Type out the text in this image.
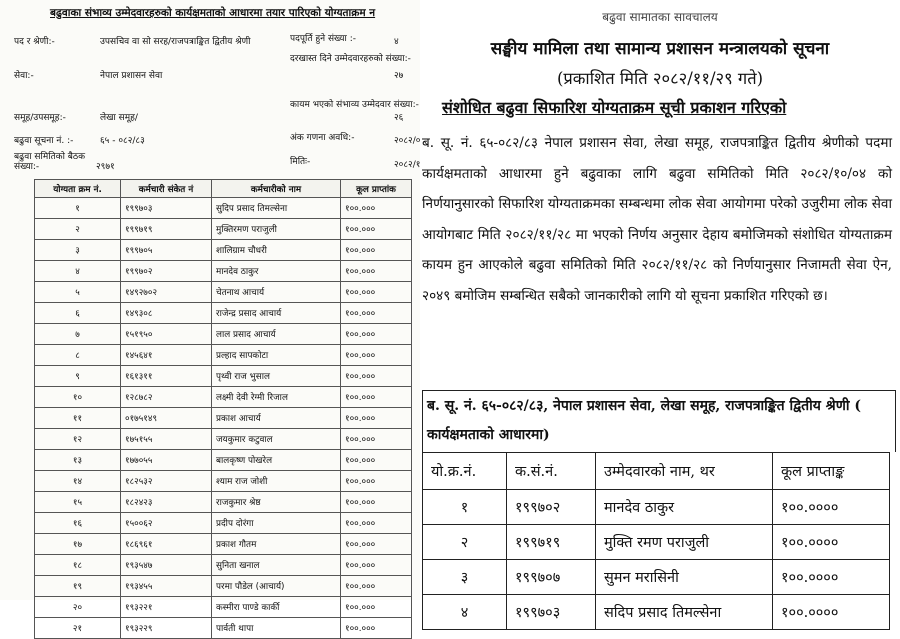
बढुवाका संभाव्य उम्मेदवारहरुको कार्यक्षमताको आधारमा तयार पारिएको योग्यताक्रम न
पद र श्रेणी:-	उपसचिव वा सो सरह/राजपत्राङ्कित द्वितीय श्रेणी	पदपूर्ति हुने संख्या :-	४
सेवा:-	नेपाल प्रशासन सेवा
दरखास्त दिने उम्मेदवारहरुको संख्या:-
२७
समूह/उपसमूह:-	लेखा समूह/
कायम भएको संभाव्य उम्मेदवार संख्या:-
२६
बढुवा सूचना नं. :-	६५ - ०८२/८३	अंक गणना अवधि:-	२०८२/०
बढुवा समितिको बैठक संख्या:-	२९७१	मितिः-	२०८२/१
योग्यता क्रम नं.	कर्मचारी संकेत नं	कर्मचारीको नाम	कूल प्राप्तांक
१	१९९७०३	सुदिप प्रसाद तिमल्सेना	१००.०००
२	१९९७१९	मुक्तिरमण पराजुली	१००.०००
३	१९९७०५	शालिग्राम चौधरी	१००.०००
४	१९९७०२	मानदेव ठाकुर	१००.०००
५	१४९२७०२	चेतनाथ आचार्य	१००.०००
६	१४९३०८	राजेन्द्र प्रसाद आचार्य	१००.०००
७	१५१९५०	लाल प्रसाद आचार्य	१००.०००
८	१४५६४१	प्रल्हाद सापकोटा	१००.०००
९	१६१३११	पृथ्वी राज भुसाल	१००.०००
१०	१२८७८२	लक्ष्मी देवी रेग्मी रिजाल	१००.०००
११	०१७५१४९	प्रकाश आचार्य	१००.०००
१२	१७५१५५	जयकुमार कटुवाल	१००.०००
१३	१७७०५५	बालकृष्ण पोखरेल	१००.०००
१४	१८२५३२	श्याम राज जोशी	१००.०००
१५	१८२४२३	राजकुमार श्रेष्ठ	१००.०००
१६	१५००६२	प्रदीप दोरंगा	१००.०००
१७	१८६९६१	प्रकाश गौतम	१००.०००
१८	१९३५४७	सुनिता खनाल	१००.०००
१९	१९३४५५	परमा पौडेल (आचार्य)	१००.०००
२०	१९३२२१	कस्मीरा पाण्डे कार्की	१००.०००
२१	१९३२२९	पार्वती थापा	१००.०००
बढुवा सामातका सावचालय
सङ्घीय मामिला तथा सामान्य प्रशासन मन्त्रालयको सूचना
(प्रकाशित मिति २०८२/११/२९ गते)
संशोधित बढुवा सिफारिश योग्यताक्रम सूची प्रकाशन गरिएको
ब. सू. नं. ६५-०८२/८३ नेपाल प्रशासन सेवा, लेखा समूह, राजपत्राङ्कित द्वितीय श्रेणीको पदमा कार्यक्षमताको आधारमा हुने बढुवाका लागि बढुवा समितिको मिति २०८२/१०/०४ को निर्णयानुसारको सिफारिश योग्यताक्रमका सम्बन्धमा लोक सेवा आयोगमा परेको उजुरीमा लोक सेवा आयोगबाट मिति २०८२/११/२८ मा भएको निर्णय अनुसार देहाय बमोजिमको संशोधित योग्यताक्रम कायम हुन आएकोले बढुवा समितिको मिति २०८२/११/२८ को निर्णयानुसार निजामती सेवा ऐन, २०४९ बमोजिम सम्बन्धित सबैको जानकारीको लागि यो सूचना प्रकाशित गरिएको छ।
ब. सू. नं. ६५-०८२/८३, नेपाल प्रशासन सेवा, लेखा समूह, राजपत्राङ्कित द्वितीय श्रेणी ( कार्यक्षमताको आधारमा)
यो.क्र.नं.	क.सं.नं.	उम्मेदवारको नाम, थर	कूल प्राप्ताङ्क
१	१९९७०२	मानदेव ठाकुर	१००.००००
२	१९९७१९	मुक्ति रमण पराजुली	१००.००००
३	१९९७०७	सुमन मरासिनी	१००.००००
४	१९९७०३	सदिप प्रसाद तिमल्सेना	१००.००००
